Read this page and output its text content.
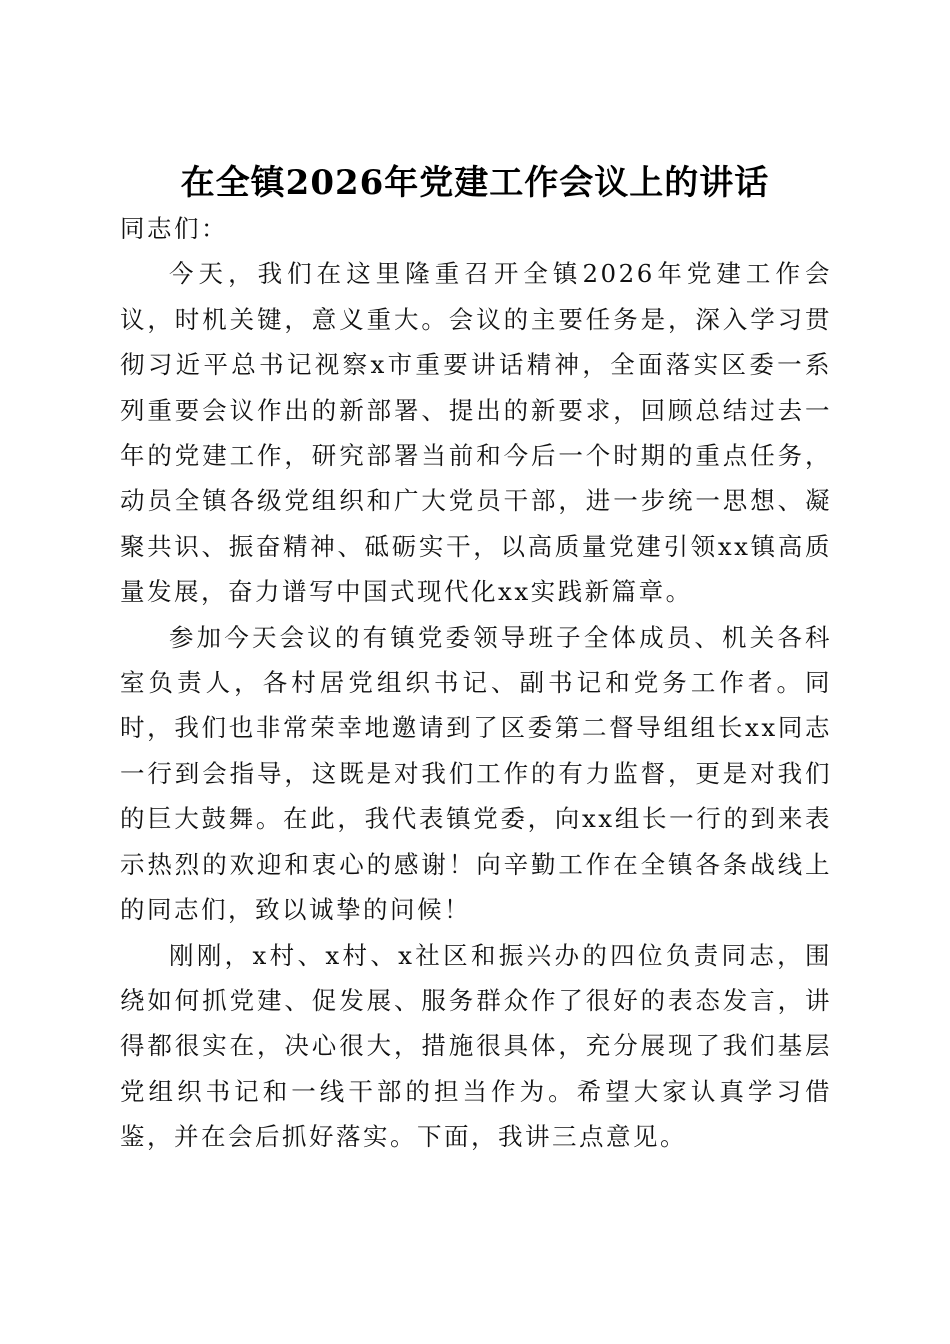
在全镇2026年党建工作会议上的讲话

同志们：

今天，我们在这里隆重召开全镇2026年党建工作会议，时机关键，意义重大。会议的主要任务是，深入学习贯彻习近平总书记视察x市重要讲话精神，全面落实区委一系列重要会议作出的新部署、提出的新要求，回顾总结过去一年的党建工作，研究部署当前和今后一个时期的重点任务，动员全镇各级党组织和广大党员干部，进一步统一思想、凝聚共识、振奋精神、砥砺实干，以高质量党建引领xx镇高质量发展，奋力谱写中国式现代化xx实践新篇章。

参加今天会议的有镇党委领导班子全体成员、机关各科室负责人，各村居党组织书记、副书记和党务工作者。同时，我们也非常荣幸地邀请到了区委第二督导组组长xx同志一行到会指导，这既是对我们工作的有力监督，更是对我们的巨大鼓舞。在此，我代表镇党委，向xx组长一行的到来表示热烈的欢迎和衷心的感谢！向辛勤工作在全镇各条战线上的同志们，致以诚挚的问候！

刚刚，x村、x村、x社区和振兴办的四位负责同志，围绕如何抓党建、促发展、服务群众作了很好的表态发言，讲得都很实在，决心很大，措施很具体，充分展现了我们基层党组织书记和一线干部的担当作为。希望大家认真学习借鉴，并在会后抓好落实。下面，我讲三点意见。
